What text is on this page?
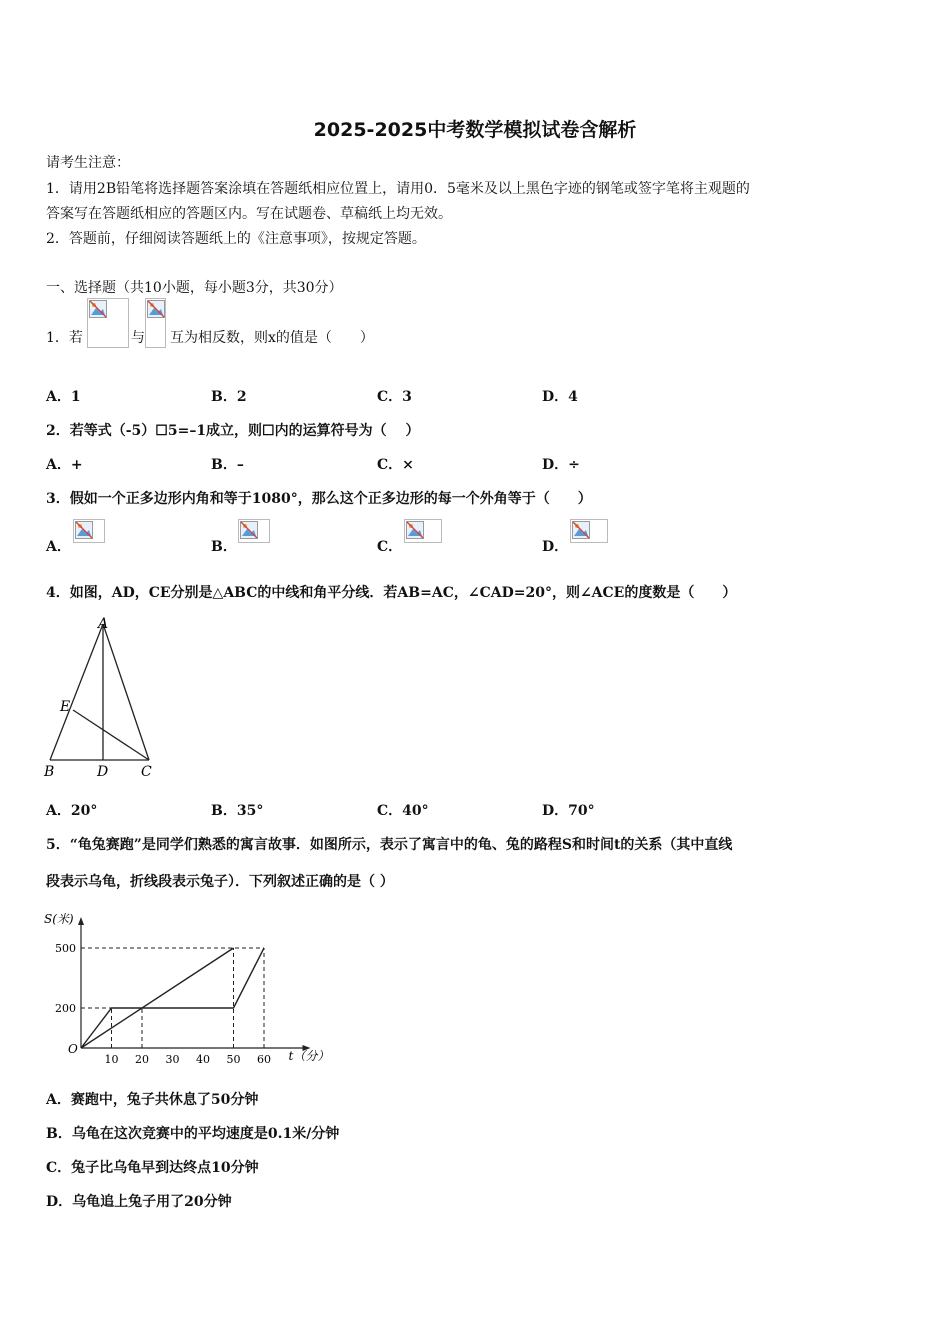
2025-2025中考数学模拟试卷含解析
请考生注意：
1．请用2B铅笔将选择题答案涂填在答题纸相应位置上，请用0．5毫米及以上黑色字迹的钢笔或签字笔将主观题的
答案写在答题纸相应的答题区内。写在试题卷、草稿纸上均无效。
2．答题前，仔细阅读答题纸上的《注意事项》，按规定答题。
一、选择题（共10小题，每小题3分，共30分）
1．若	与 互为相反数，则x的值是（　　）
A．1	B．2	C．3	D．4
2．若等式（-5）☐5=–1成立，则☐内的运算符号为（　 ）
A．+	B．–	C．×	D．÷
3．假如一个正多边形内角和等于1080°，那么这个正多边形的每一个外角等于（　　）
A．	B．	C．	D．
4．如图，AD，CE分别是△ABC的中线和角平分线．若AB=AC，∠CAD=20°，则∠ACE的度数是（　　）
A
E
B	D C
A．20°	B．35°	C．40°	D．70°
5．“龟兔赛跑”是同学们熟悉的寓言故事．如图所示，表示了寓言中的龟、兔的路程S和时间t的关系（其中直线
段表示乌龟，折线段表示兔子）．下列叙述正确的是（ ）
S(米)
t（分）
O
10 20 30 40 50 60
200
500
A．赛跑中，兔子共休息了50分钟
B．乌龟在这次竞赛中的平均速度是0.1米/分钟
C．兔子比乌龟早到达终点10分钟
D．乌龟追上兔子用了20分钟
